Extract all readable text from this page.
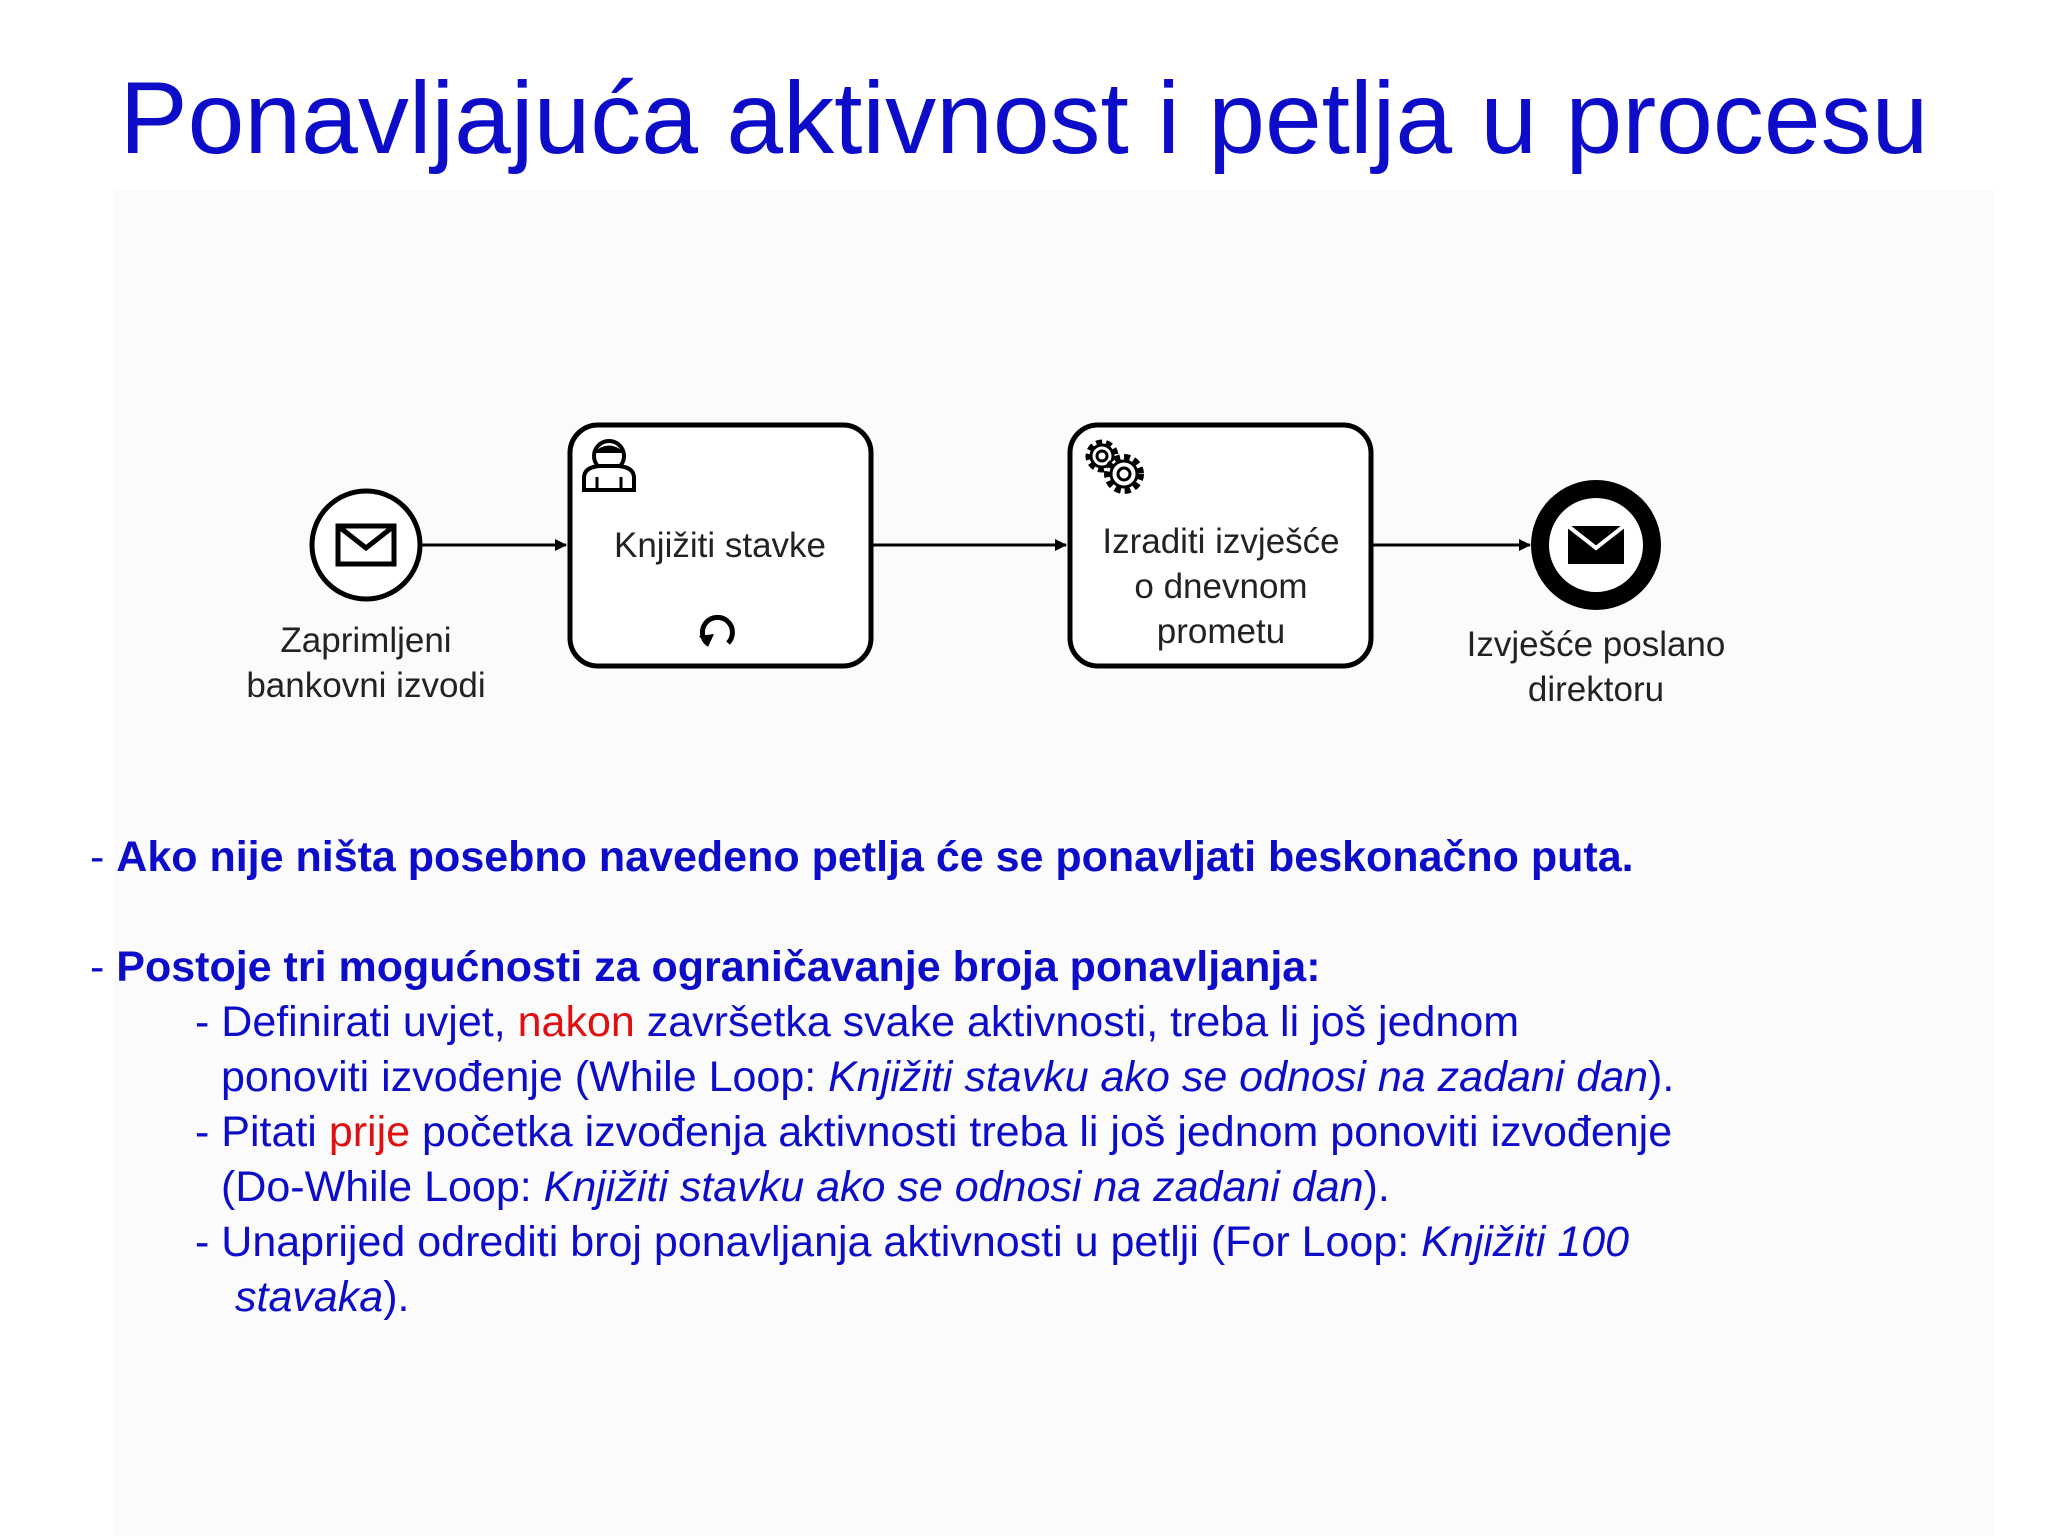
Ponavljajuća aktivnost i petlja u procesu
Zaprimljeni
bankovni izvodi
Knjižiti stavke	Izraditi izvješće
o dnevnom
prometu	Izvješće poslano
direktoru

- Ako nije ništa posebno navedeno petlja će se ponavljati beskonačno puta.

- Postoje tri mogućnosti za ograničavanje broja ponavljanja:

- Definirati uvjet, nakon završetka svake aktivnosti, treba li još jednom

ponoviti izvođenje (While Loop: Knjižiti stavku ako se odnosi na zadani dan).

- Pitati prije početka izvođenja aktivnosti treba li još jednom ponoviti izvođenje

(Do-While Loop: Knjižiti stavku ako se odnosi na zadani dan).

- Unaprijed odrediti broj ponavljanja aktivnosti u petlji (For Loop: Knjižiti 100

stavaka).
